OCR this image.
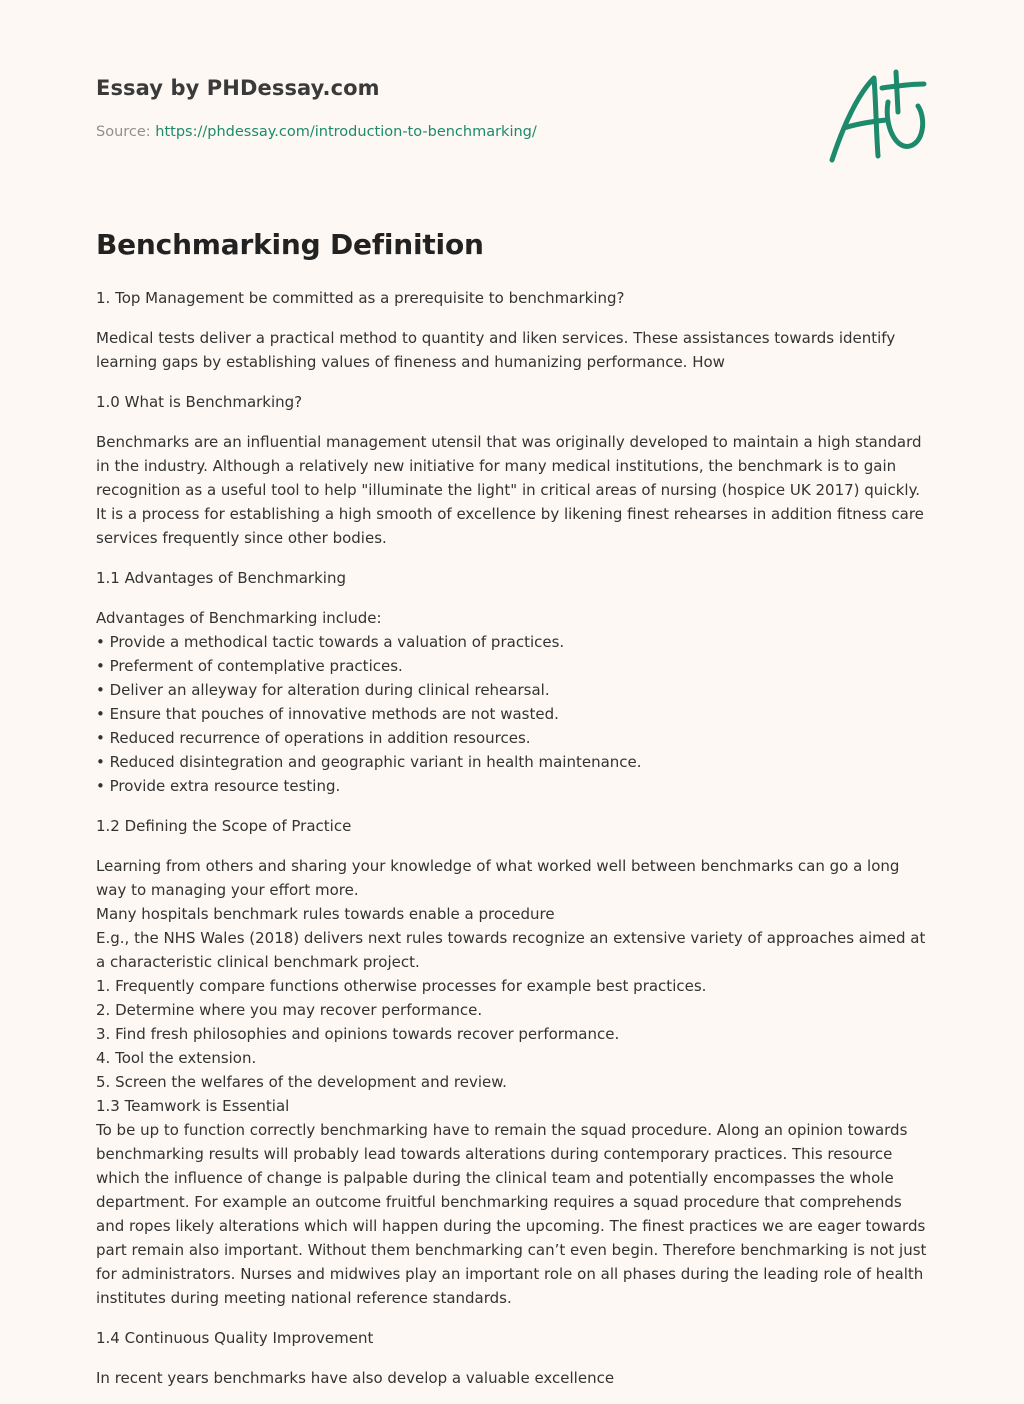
Essay by PHDessay.com

Source: https://phdessay.com/introduction-to-benchmarking/

Benchmarking Definition

1. Top Management be committed as a prerequisite to benchmarking?

Medical tests deliver a practical method to quantity and liken services. These assistances towards identify learning gaps by establishing values of fineness and humanizing performance. How

1.0 What is Benchmarking?

Benchmarks are an influential management utensil that was originally developed to maintain a high standard in the industry. Although a relatively new initiative for many medical institutions, the benchmark is to gain recognition as a useful tool to help "illuminate the light" in critical areas of nursing (hospice UK 2017) quickly. It is a process for establishing a high smooth of excellence by likening finest rehearses in addition fitness care services frequently since other bodies.

1.1 Advantages of Benchmarking

Advantages of Benchmarking include:
• Provide a methodical tactic towards a valuation of practices.
• Preferment of contemplative practices.
• Deliver an alleyway for alteration during clinical rehearsal.
• Ensure that pouches of innovative methods are not wasted.
• Reduced recurrence of operations in addition resources.
• Reduced disintegration and geographic variant in health maintenance.
• Provide extra resource testing.

1.2 Defining the Scope of Practice

Learning from others and sharing your knowledge of what worked well between benchmarks can go a long way to managing your effort more.
Many hospitals benchmark rules towards enable a procedure
E.g., the NHS Wales (2018) delivers next rules towards recognize an extensive variety of approaches aimed at a characteristic clinical benchmark project.
1. Frequently compare functions otherwise processes for example best practices.
2. Determine where you may recover performance.
3. Find fresh philosophies and opinions towards recover performance.
4. Tool the extension.
5. Screen the welfares of the development and review.
1.3 Teamwork is Essential
To be up to function correctly benchmarking have to remain the squad procedure. Along an opinion towards benchmarking results will probably lead towards alterations during contemporary practices. This resource which the influence of change is palpable during the clinical team and potentially encompasses the whole department. For example an outcome fruitful benchmarking requires a squad procedure that comprehends and ropes likely alterations which will happen during the upcoming. The finest practices we are eager towards part remain also important. Without them benchmarking can’t even begin. Therefore benchmarking is not just for administrators. Nurses and midwives play an important role on all phases during the leading role of health institutes during meeting national reference standards.

1.4 Continuous Quality Improvement

In recent years benchmarks have also develop a valuable excellence
